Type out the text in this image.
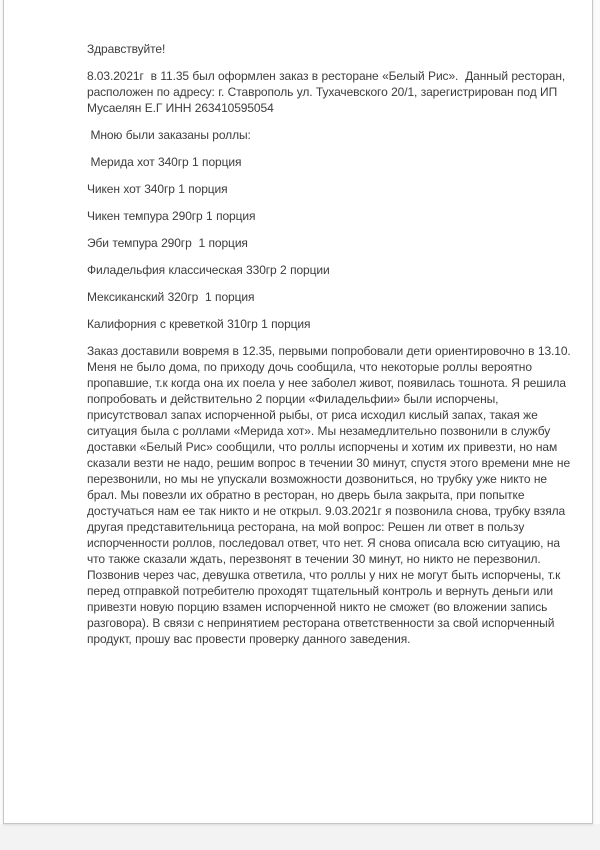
Здравствуйте!

8.03.2021г  в 11.35 был оформлен заказ в ресторане «Белый Рис».  Данный ресторан, расположен по адресу: г. Ставрополь ул. Тухачевского 20/1, зарегистрирован под ИП Мусаелян Е.Г ИНН 263410595054

Мною были заказаны роллы:

Мерида хот 340гр 1 порция

Чикен хот 340гр 1 порция

Чикен темпура 290гр 1 порция

Эби темпура 290гр  1 порция

Филадельфия классическая 330гр 2 порции

Мексиканский 320гр  1 порция

Калифорния с креветкой 310гр 1 порция

Заказ доставили вовремя в 12.35, первыми попробовали дети ориентировочно в 13.10. Меня не было дома, по приходу дочь сообщила, что некоторые роллы вероятно пропавшие, т.к когда она их поела у нее заболел живот, появилась тошнота. Я решила попробовать и действительно 2 порции «Филадельфии» были испорчены, присутствовал запах испорченной рыбы, от риса исходил кислый запах, такая же ситуация была с роллами «Мерида хот». Мы незамедлительно позвонили в службу доставки «Белый Рис» сообщили, что роллы испорчены и хотим их привезти, но нам сказали везти не надо, решим вопрос в течении 30 минут, спустя этого времени мне не перезвонили, но мы не упускали возможности дозвониться, но трубку уже никто не брал. Мы повезли их обратно в ресторан, но дверь была закрыта, при попытке достучаться нам ее так никто и не открыл. 9.03.2021г я позвонила снова, трубку взяла другая представительница ресторана, на мой вопрос: Решен ли ответ в пользу испорченности роллов, последовал ответ, что нет. Я снова описала всю ситуацию, на что также сказали ждать, перезвонят в течении 30 минут, но никто не перезвонил. Позвонив через час, девушка ответила, что роллы у них не могут быть испорчены, т.к перед отправкой потребителю проходят тщательный контроль и вернуть деньги или привезти новую порцию взамен испорченной никто не сможет (во вложении запись разговора). В связи с непринятием ресторана ответственности за свой испорченный продукт, прошу вас провести проверку данного заведения.
